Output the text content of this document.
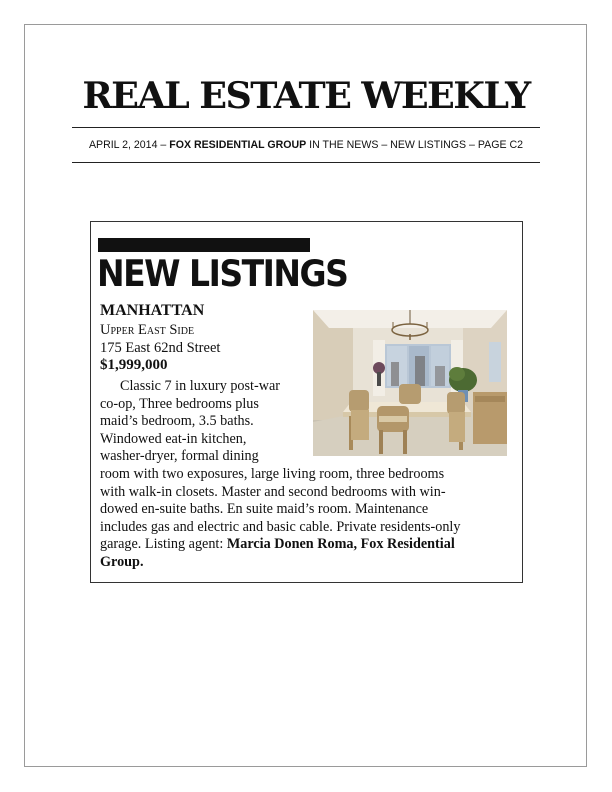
REAL ESTATE WEEKLY
APRIL 2, 2014 – FOX RESIDENTIAL GROUP IN THE NEWS – NEW LISTINGS – PAGE C2
NEW LISTINGS
MANHATTAN
Upper East Side
175 East 62nd Street
$1,999,000
Classic 7 in luxury post-war
co-op, Three bedrooms plus
maid’s bedroom, 3.5 baths.
Windowed eat-in kitchen,
washer-dryer, formal dining
room with two exposures, large living room, three bedrooms
with walk-in closets. Master and second bedrooms with win-
dowed en-suite baths. En suite maid’s room. Maintenance
includes gas and electric and basic cable. Private residents-only
garage. Listing agent: Marcia Donen Roma, Fox Residential
Group.
